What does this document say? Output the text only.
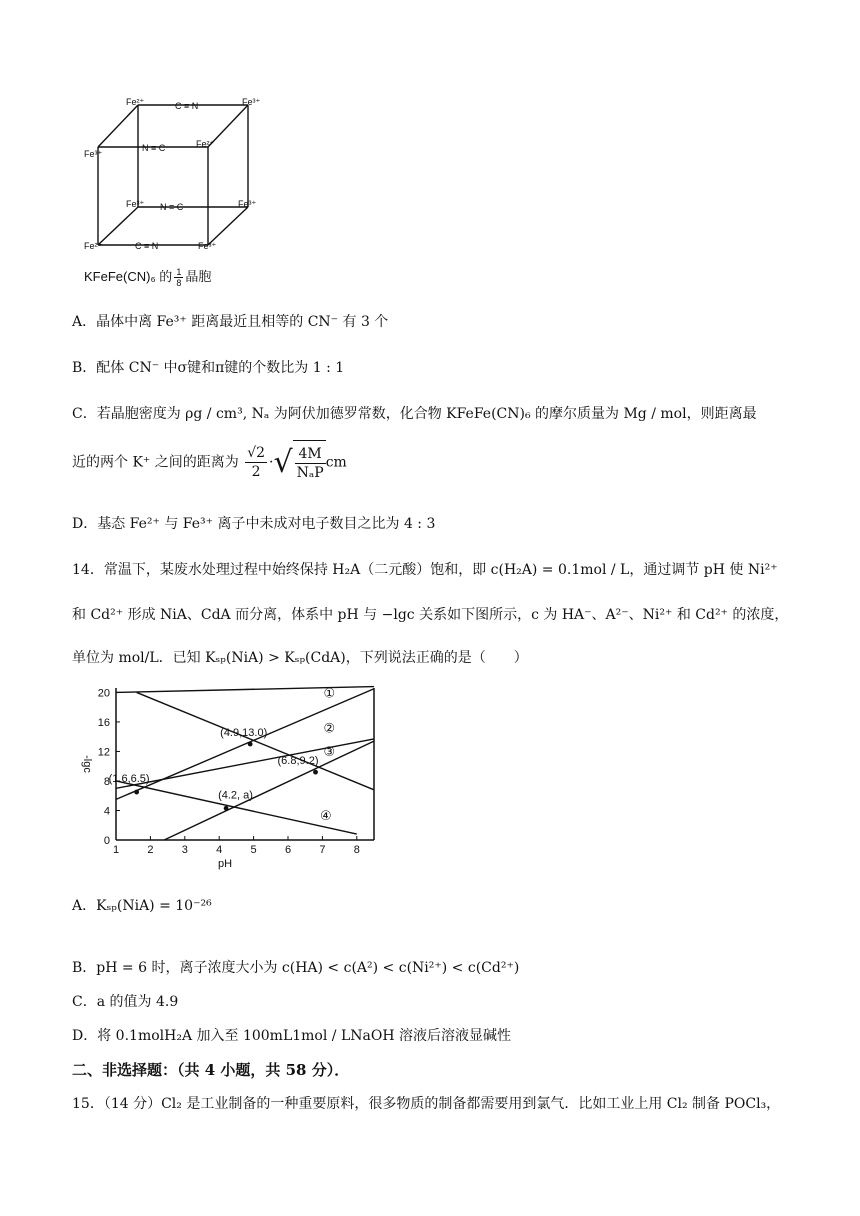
Fe²⁺	C ≡ N	Fe³⁺
Fe³⁺
N ≡ C	Fe²⁺
Fe³⁺ N ≡ C	Fe³⁺
Fe²⁺	C ≡ N	Fe³⁺
KFeFe(CN)₆ 的 $\frac{1}{8}$ 晶胞
A．晶体中离 Fe³⁺ 距离最近且相等的 CN⁻ 有 3 个
B．配体 CN⁻ 中σ键和π键的个数比为 1 : 1
C．若晶胞密度为 ρg / cm³, Nₐ 为阿伏加德罗常数，化合物 KFeFe(CN)₆ 的摩尔质量为 Mg / mol，则距离最
近的两个 K⁺ 之间的距离为 $\frac{√2}{2}$ ·√ $\frac{4M}{\text{NₐΡ}}$ cm
D．基态 Fe²⁺ 与 Fe³⁺ 离子中未成对电子数目之比为 4 : 3
14．常温下，某废水处理过程中始终保持 H₂A（二元酸）饱和，即 c(H₂A) = 0.1mol / L，通过调节 pH 使 Ni²⁺
和 Cd²⁺ 形成 NiA、CdA 而分离，体系中 pH 与 −lgc 关系如下图所示，c 为 HA⁻、A²⁻、Ni²⁺ 和 Cd²⁺ 的浓度，
单位为 mol/L．已知 Kₛₚ(NiA) > Kₛₚ(CdA)，下列说法正确的是（　　）
1	2	3	4	5	6	7	8
0
4
8
12
16
20
pH
-lgc
①
②
③
④
(4.9,13.0)
(6.8,9.2)
(1.6,6.5)
(4.2, a)
A．Kₛₚ(NiA) = 10⁻²⁶
B．pH = 6 时，离子浓度大小为 c(HA) < c(A²) < c(Ni²⁺) < c(Cd²⁺)
C．a 的值为 4.9
D．将 0.1molH₂A 加入至 100mL1mol / LNaOH 溶液后溶液显碱性
二、非选择题：（共 4 小题，共 58 分）．
15．（14 分）Cl₂ 是工业制备的一种重要原料，很多物质的制备都需要用到氯气．比如工业上用 Cl₂ 制备 POCl₃，
